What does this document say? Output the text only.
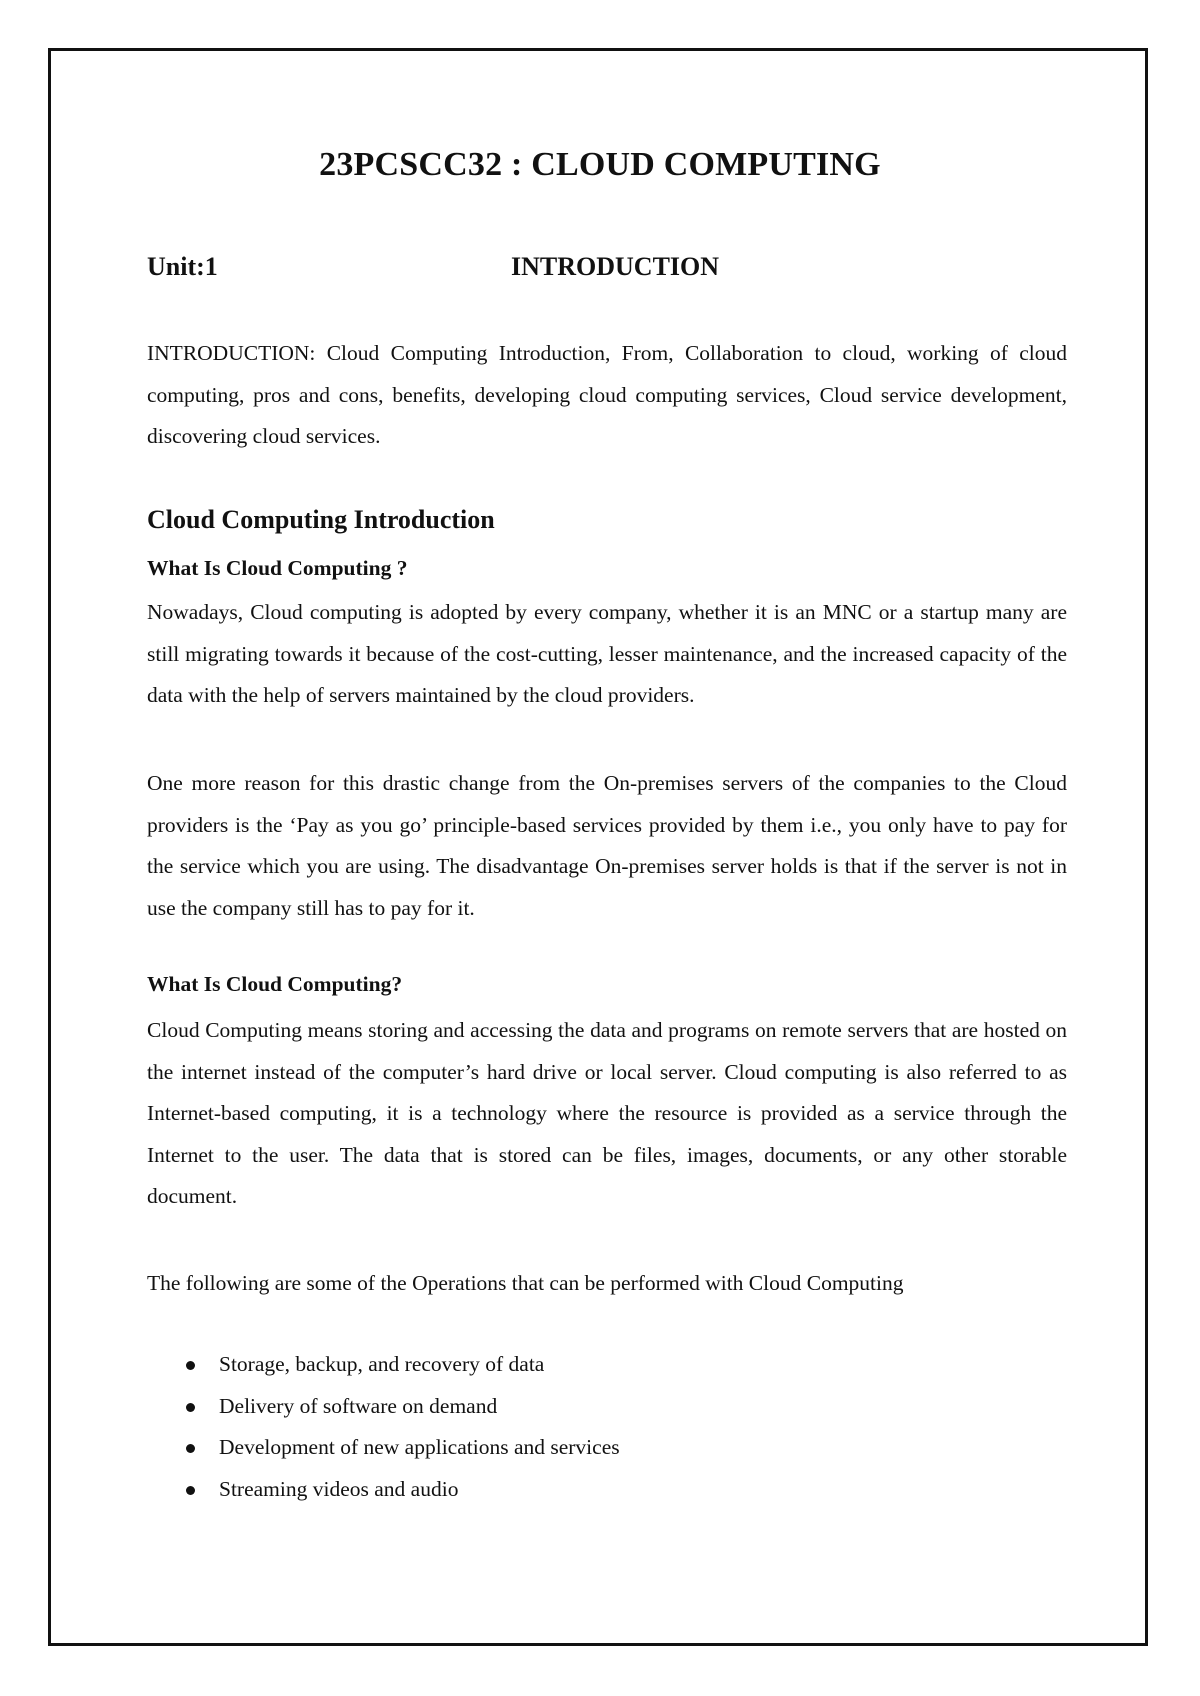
23PCSCC32 : CLOUD COMPUTING
Unit:1	INTRODUCTION
INTRODUCTION: Cloud Computing Introduction, From, Collaboration to cloud, working of cloud computing, pros and cons, benefits, developing cloud computing services, Cloud service development, discovering cloud services.
Cloud Computing Introduction
What Is Cloud Computing ?
Nowadays, Cloud computing is adopted by every company, whether it is an MNC or a startup many are still migrating towards it because of the cost-cutting, lesser maintenance, and the increased capacity of the data with the help of servers maintained by the cloud providers.
One more reason for this drastic change from the On-premises servers of the companies to the Cloud providers is the ‘Pay as you go’ principle-based services provided by them i.e., you only have to pay for the service which you are using. The disadvantage On-premises server holds is that if the server is not in use the company still has to pay for it.
What Is Cloud Computing?
Cloud Computing means storing and accessing the data and programs on remote servers that are hosted on the internet instead of the computer’s hard drive or local server. Cloud computing is also referred to as Internet-based computing, it is a technology where the resource is provided as a service through the Internet to the user. The data that is stored can be files, images, documents, or any other storable document.
The following are some of the Operations that can be performed with Cloud Computing
Storage, backup, and recovery of data
Delivery of software on demand
Development of new applications and services
Streaming videos and audio
